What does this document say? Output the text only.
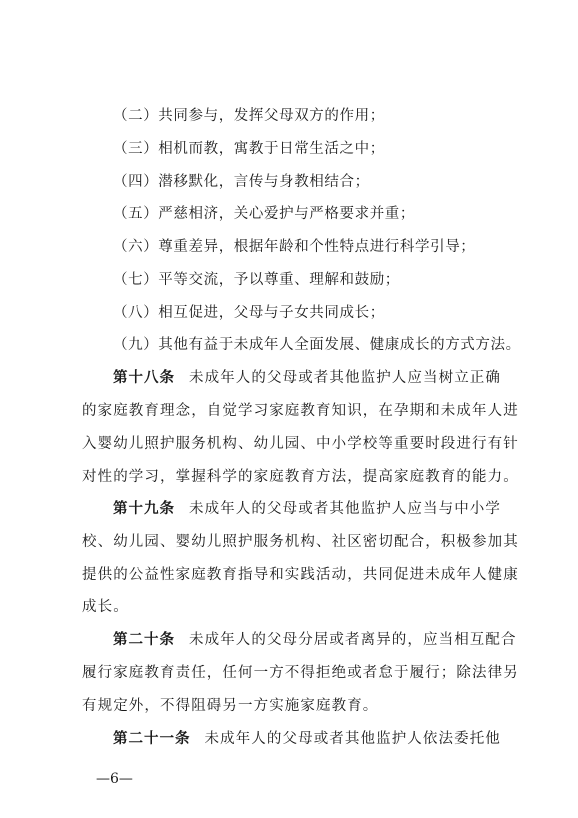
（二）共同参与，发挥父母双方的作用；
（三）相机而教，寓教于日常生活之中；
（四）潜移默化，言传与身教相结合；
（五）严慈相济，关心爱护与严格要求并重；
（六）尊重差异，根据年龄和个性特点进行科学引导；
（七）平等交流，予以尊重、理解和鼓励；
（八）相互促进，父母与子女共同成长；
（九）其他有益于未成年人全面发展、健康成长的方式方法。
第十八条 未成年人的父母或者其他监护人应当树立正确
的家庭教育理念，自觉学习家庭教育知识，在孕期和未成年人进
入婴幼儿照护服务机构、幼儿园、中小学校等重要时段进行有针
对性的学习，掌握科学的家庭教育方法，提高家庭教育的能力。
第十九条 未成年人的父母或者其他监护人应当与中小学
校、幼儿园、婴幼儿照护服务机构、社区密切配合，积极参加其
提供的公益性家庭教育指导和实践活动，共同促进未成年人健康
成长。
第二十条 未成年人的父母分居或者离异的，应当相互配合
履行家庭教育责任，任何一方不得拒绝或者怠于履行；除法律另
有规定外，不得阻碍另一方实施家庭教育。
第二十一条 未成年人的父母或者其他监护人依法委托他
—6—
